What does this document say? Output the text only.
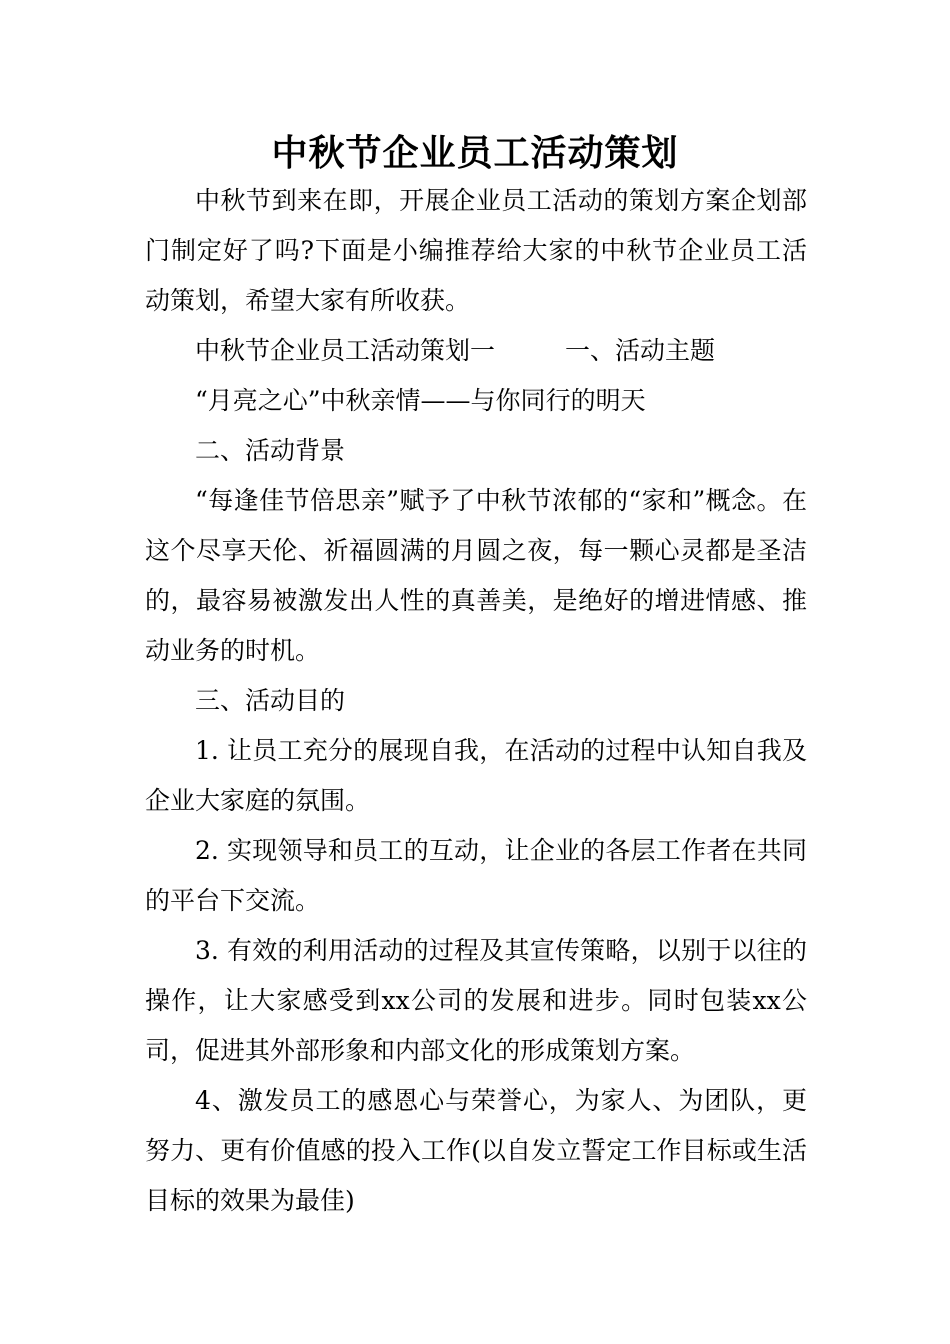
中秋节企业员工活动策划

中秋节到来在即，开展企业员工活动的策划方案企划部门制定好了吗?下面是小编推荐给大家的中秋节企业员工活动策划，希望大家有所收获。

中秋节企业员工活动策划一	一、活动主题

“月亮之心”中秋亲情——与你同行的明天

二、活动背景

“每逢佳节倍思亲”赋予了中秋节浓郁的“家和”概念。在这个尽享天伦、祈福圆满的月圆之夜，每一颗心灵都是圣洁的，最容易被激发出人性的真善美，是绝好的增进情感、推动业务的时机。

三、活动目的

1. 让员工充分的展现自我，在活动的过程中认知自我及企业大家庭的氛围。

2. 实现领导和员工的互动，让企业的各层工作者在共同的平台下交流。

3. 有效的利用活动的过程及其宣传策略，以别于以往的操作，让大家感受到xx公司的发展和进步。同时包装xx公司，促进其外部形象和内部文化的形成策划方案。

4、激发员工的感恩心与荣誉心，为家人、为团队，更努力、更有价值感的投入工作(以自发立誓定工作目标或生活目标的效果为最佳)
